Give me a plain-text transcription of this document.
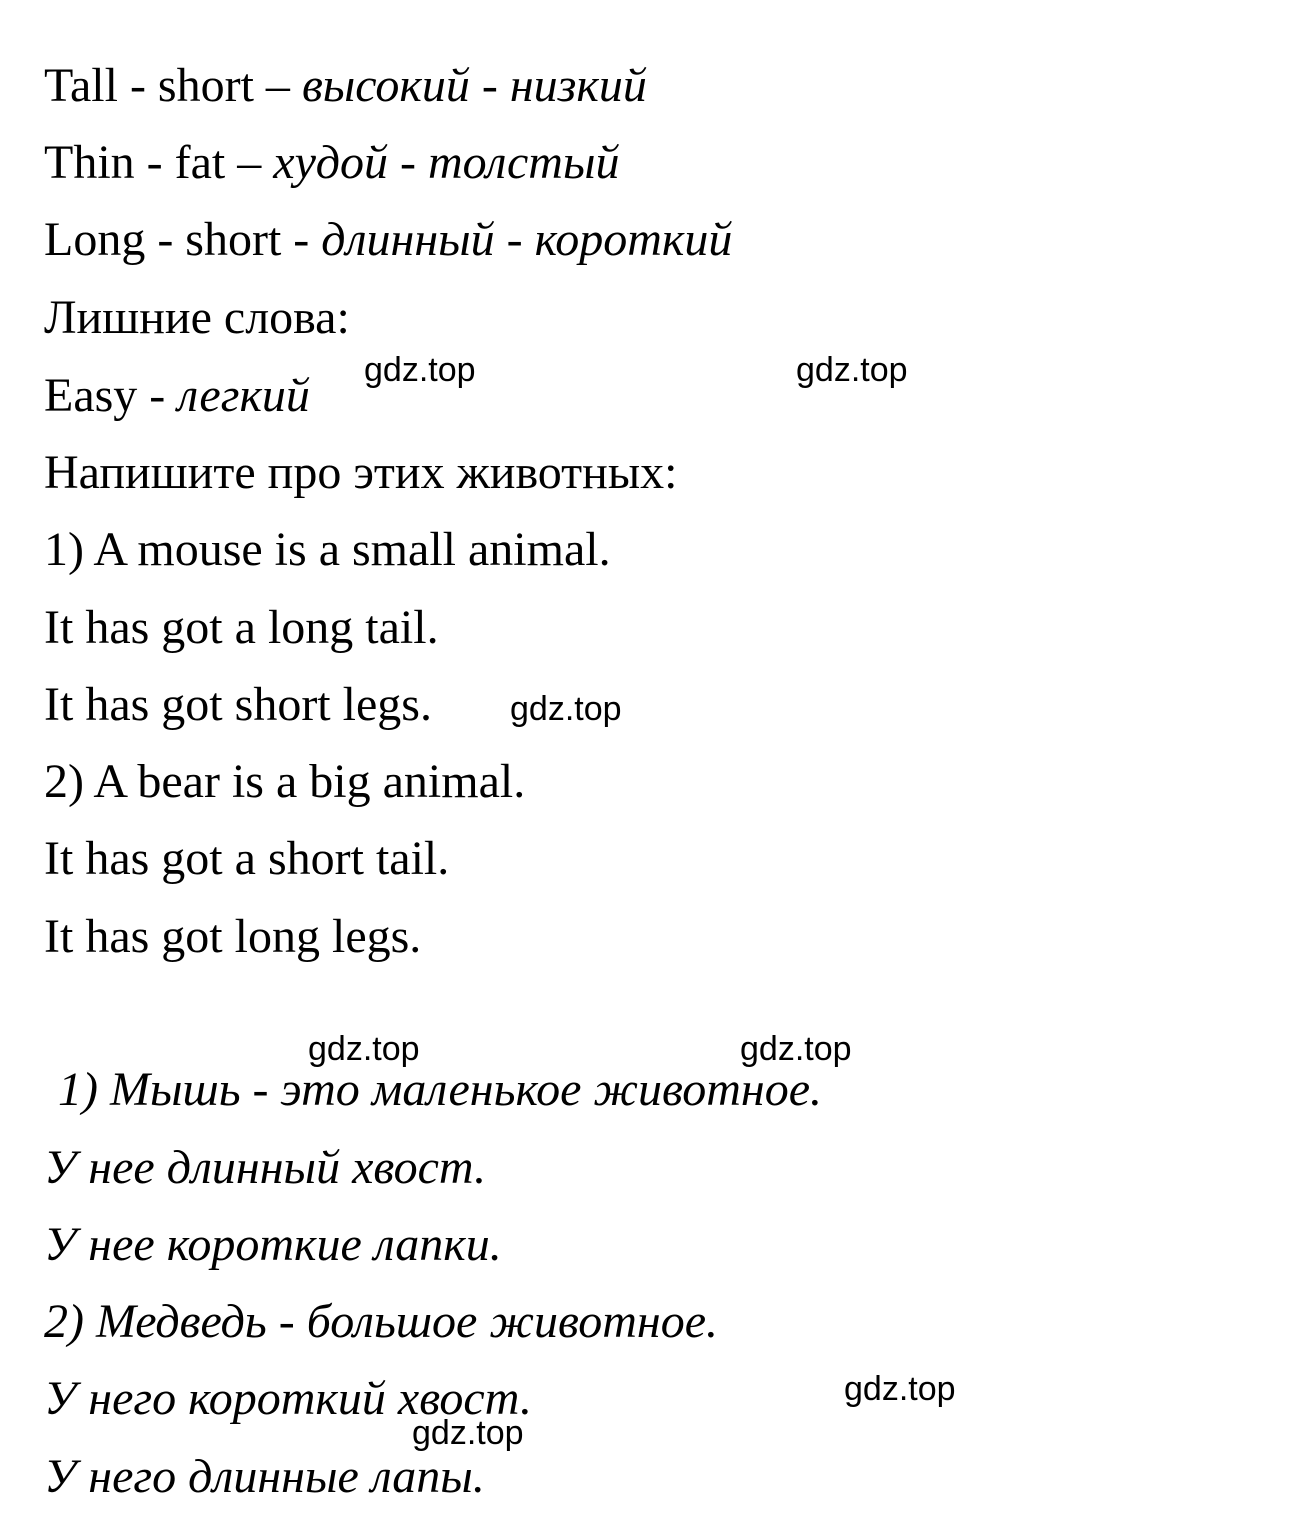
Tall - short – высокий - низкий
Thin - fat – худой - толстый
Long - short - длинный - короткий
Лишние слова:
Easy - легкий
Напишите про этих животных:
1) A mouse is a small animal.
It has got a long tail.
It has got short legs.
2) A bear is a big animal.
It has got a short tail.
It has got long legs.
1) Мышь - это маленькое животное.
У нее длинный хвост.
У нее короткие лапки.
2) Медведь - большое животное.
У него короткий хвост.
У него длинные лапы.
gdz.top	gdz.top
gdz.top
gdz.top	gdz.top
gdz.top
gdz.top
